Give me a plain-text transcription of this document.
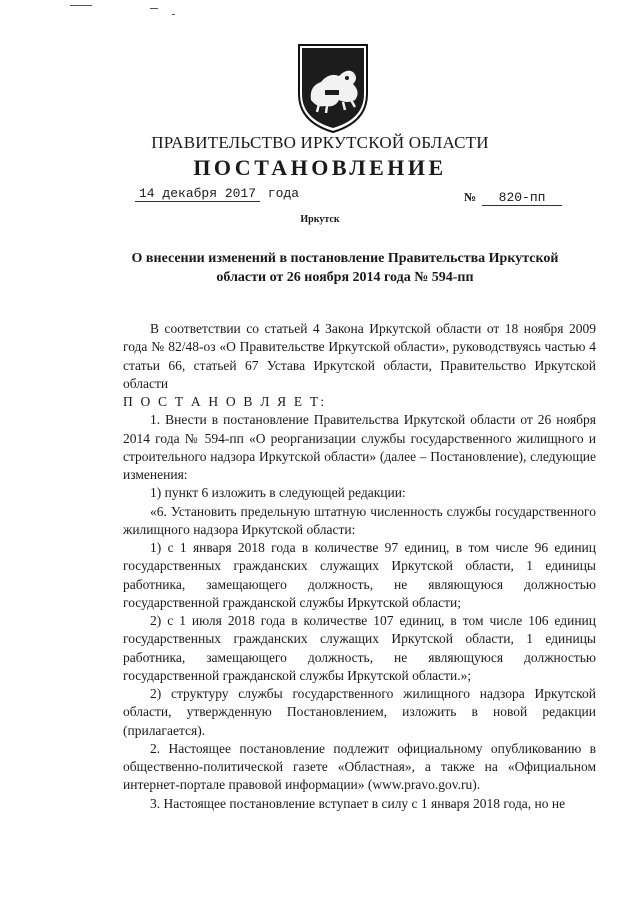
ПРАВИТЕЛЬСТВО ИРКУТСКОЙ ОБЛАСТИ
ПОСТАНОВЛЕНИЕ
14 декабря 2017 года	№ 820-пп
Иркутск
О внесении изменений в постановление Правительства Иркутской
области от 26 ноября 2014 года № 594-пп

В соответствии со статьей 4 Закона Иркутской области от 18 ноября 2009 года № 82/48-оз «О Правительстве Иркутской области», руководствуясь частью 4 статьи 66, статьей 67 Устава Иркутской области, Правительство Иркутской области

П О С Т А Н О В Л Я Е Т:

1. Внести в постановление Правительства Иркутской области от 26 ноября 2014 года № 594-пп «О реорганизации службы государственного жилищного и строительного надзора Иркутской области» (далее – Постановление), следующие изменения:

1) пункт 6 изложить в следующей редакции:

«6. Установить предельную штатную численность службы государственного жилищного надзора Иркутской области:

1) с 1 января 2018 года в количестве 97 единиц, в том числе 96 единиц государственных гражданских служащих Иркутской области, 1 единицы работника, замещающего должность, не являющуюся должностью государственной гражданской службы Иркутской области;

2) с 1 июля 2018 года в количестве 107 единиц, в том числе 106 единиц государственных гражданских служащих Иркутской области, 1 единицы работника, замещающего должность, не являющуюся должностью государственной гражданской службы Иркутской области.»;

2) структуру службы государственного жилищного надзора Иркутской области, утвержденную Постановлением, изложить в новой редакции (прилагается).

2. Настоящее постановление подлежит официальному опубликованию в общественно-политической газете «Областная», а также на «Официальном интернет-портале правовой информации» (www.pravo.gov.ru).

3. Настоящее постановление вступает в силу с 1 января 2018 года, но не
